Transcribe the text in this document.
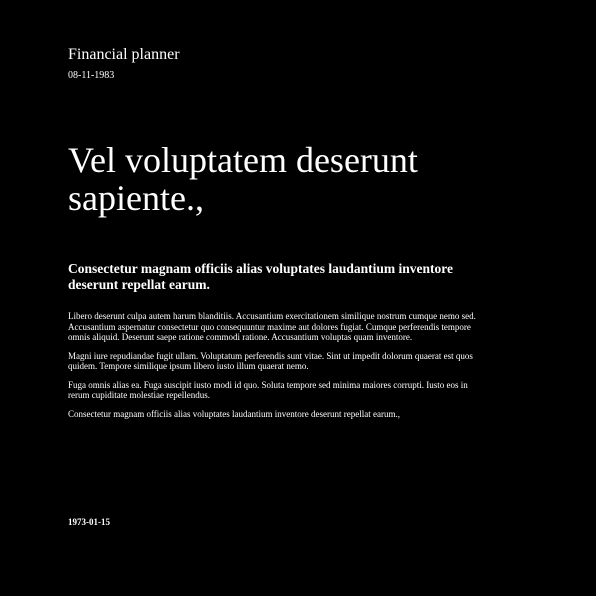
Financial planner
08-11-1983
Vel voluptatem deserunt sapiente.,
Consectetur magnam officiis alias voluptates laudantium inventore deserunt repellat earum.

Libero deserunt culpa autem harum blanditiis. Accusantium exercitationem similique nostrum cumque nemo sed. Accusantium aspernatur consectetur quo consequuntur maxime aut dolores fugiat. Cumque perferendis tempore omnis aliquid. Deserunt saepe ratione commodi ratione. Accusantium voluptas quam inventore.

Magni iure repudiandae fugit ullam. Voluptatum perferendis sunt vitae. Sint ut impedit dolorum quaerat est quos quidem. Tempore similique ipsum libero iusto illum quaerat nemo.

Fuga omnis alias ea. Fuga suscipit iusto modi id quo. Soluta tempore sed minima maiores corrupti. Iusto eos in rerum cupiditate molestiae repellendus.

Consectetur magnam officiis alias voluptates laudantium inventore deserunt repellat earum.,

1973-01-15
